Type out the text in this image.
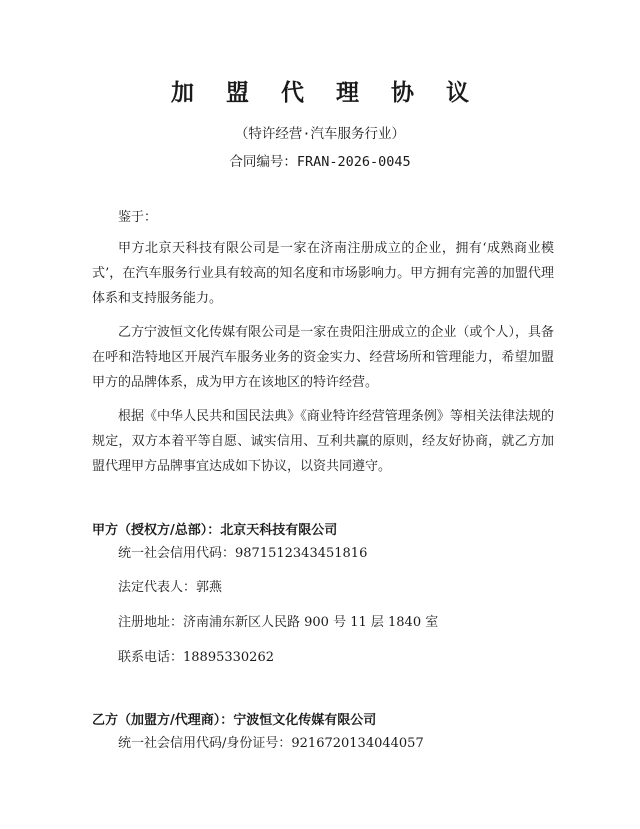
加 盟 代 理 协 议
（特许经营·汽车服务行业）
合同编号：FRAN-2026-0045

鉴于：

甲方北京天科技有限公司是一家在济南注册成立的企业，拥有‘成熟商业模式’，在汽车服务行业具有较高的知名度和市场影响力。甲方拥有完善的加盟代理体系和支持服务能力。

乙方宁波恒文化传媒有限公司是一家在贵阳注册成立的企业（或个人），具备在呼和浩特地区开展汽车服务业务的资金实力、经营场所和管理能力，希望加盟甲方的品牌体系，成为甲方在该地区的特许经营。

根据《中华人民共和国民法典》《商业特许经营管理条例》等相关法律法规的规定，双方本着平等自愿、诚实信用、互利共赢的原则，经友好协商，就乙方加盟代理甲方品牌事宜达成如下协议，以资共同遵守。

甲方（授权方/总部）：北京天科技有限公司
统一社会信用代码：9871512343451816
法定代表人：郭燕
注册地址：济南浦东新区人民路 900 号 11 层 1840 室
联系电话：18895330262
乙方（加盟方/代理商）：宁波恒文化传媒有限公司
统一社会信用代码/身份证号：9216720134044057
